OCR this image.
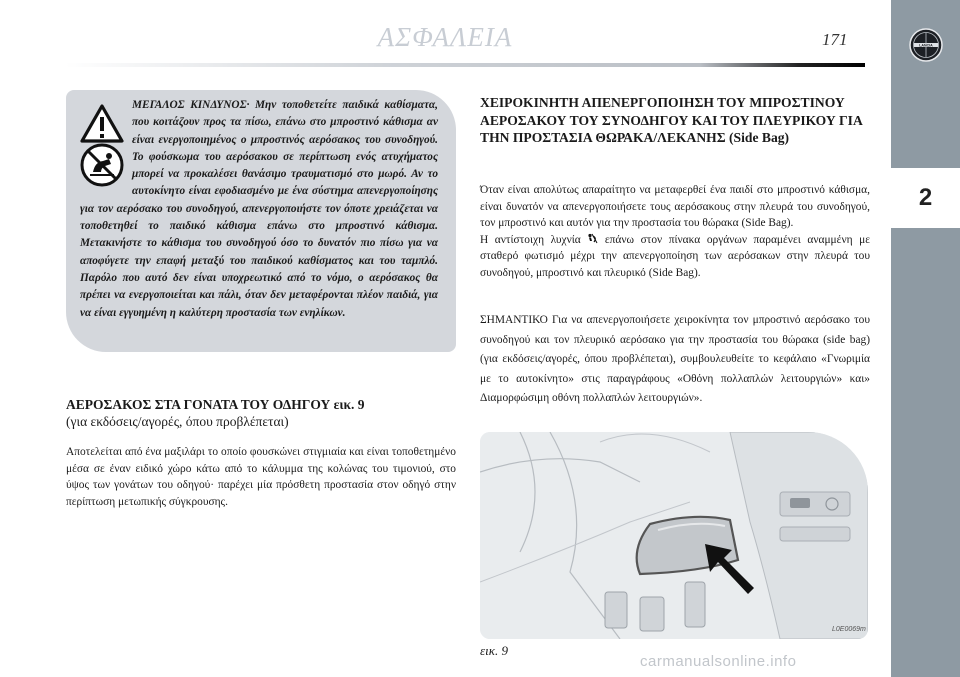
ΑΣΦΑΛΕΙΑ	171	LANCIA
2

ΜΕΓΑΛΟΣ ΚΙΝΔΥΝΟΣ· Μην τοποθετείτε παιδικά καθίσματα, που κοιτάζουν προς τα πίσω, επάνω στο μπροστινό κάθισμα αν είναι ενεργοποιημένος ο μπροστινός αερόσακος του συνοδηγού. Το φούσκωμα του αερόσακου σε περίπτωση ενός ατυχήματος μπορεί να προκαλέσει θανάσιμο τραυματισμό στο μωρό. Αν το αυτοκίνητο είναι εφοδιασμένο με ένα σύστημα απενεργοποίησης για τον αερόσακο του συνοδηγού, απενεργοποιήστε τον όποτε χρειάζεται να τοποθετηθεί το παιδικό κάθισμα επάνω στο μπροστινό κάθισμα. Μετακινήστε το κάθισμα του συνοδηγού όσο το δυνατόν πιο πίσω για να αποφύγετε την επαφή μεταξύ του παιδικού καθίσματος και του ταμπλό. Παρόλο που αυτό δεν είναι υποχρεωτικό από το νόμο, ο αερόσακος θα πρέπει να ενεργοποιείται και πάλι, όταν δεν μεταφέρονται πλέον παιδιά, για να είναι εγγυημένη η καλύτερη προστασία των ενηλίκων.

ΑΕΡΟΣΑΚΟΣ ΣΤΑ ΓΟΝΑΤΑ ΤΟΥ ΟΔΗΓΟΥ εικ. 9
(για εκδόσεις/αγορές, όπου προβλέπεται)

Αποτελείται από ένα μαξιλάρι το οποίο φουσκώνει στιγμιαία και είναι τοποθετημένο μέσα σε έναν ειδικό χώρο κάτω από το κάλυμμα της κολώνας του τιμονιού, στο ύψος των γονάτων του οδηγού· παρέχει μία πρόσθετη προστασία στον οδηγό στην περίπτωση μετωπικής σύγκρουσης.

ΧΕΙΡΟΚΙΝΗΤΗ ΑΠΕΝΕΡΓΟΠΟΙΗΣΗ ΤΟΥ ΜΠΡΟΣΤΙΝΟΥ ΑΕΡΟΣΑΚΟΥ ΤΟΥ ΣΥΝΟΔΗΓΟΥ ΚΑΙ ΤΟΥ ΠΛΕΥΡΙΚΟΥ ΓΙΑ ΤΗΝ ΠΡΟΣΤΑΣΙΑ ΘΩΡΑΚΑ/ΛΕΚΑΝΗΣ (Side Bag)

Όταν είναι απολύτως απαραίτητο να μεταφερθεί ένα παιδί στο μπροστινό κάθισμα, είναι δυνατόν να απενεργοποιήσετε τους αερόσακους στην πλευρά του συνοδηγού, τον μπροστινό και αυτόν για την προστασία του θώρακα (Side Bag).
Η αντίστοιχη λυχνία  επάνω στον πίνακα οργάνων παραμένει αναμμένη με σταθερό φωτισμό μέχρι την απενεργοποίηση των αερόσακων στην πλευρά του συνοδηγού, μπροστινό και πλευρικό (Side Bag).

ΣΗΜΑΝΤΙΚΟ Για να απενεργοποιήσετε χειροκίνητα τον μπροστινό αερόσακο του συνοδηγού και τον πλευρικό αερόσακο για την προστασία του θώρακα (side bag) (για εκδόσεις/αγορές, όπου προβλέπεται), συμβουλευθείτε το κεφάλαιο «Γνωριμία με το αυτοκίνητο» στις παραγράφους «Οθόνη πολλαπλών λειτουργιών» και» Διαμορφώσιμη οθόνη πολλαπλών λειτουργιών».

L0E0069m
εικ. 9
carmanualsonline.info
